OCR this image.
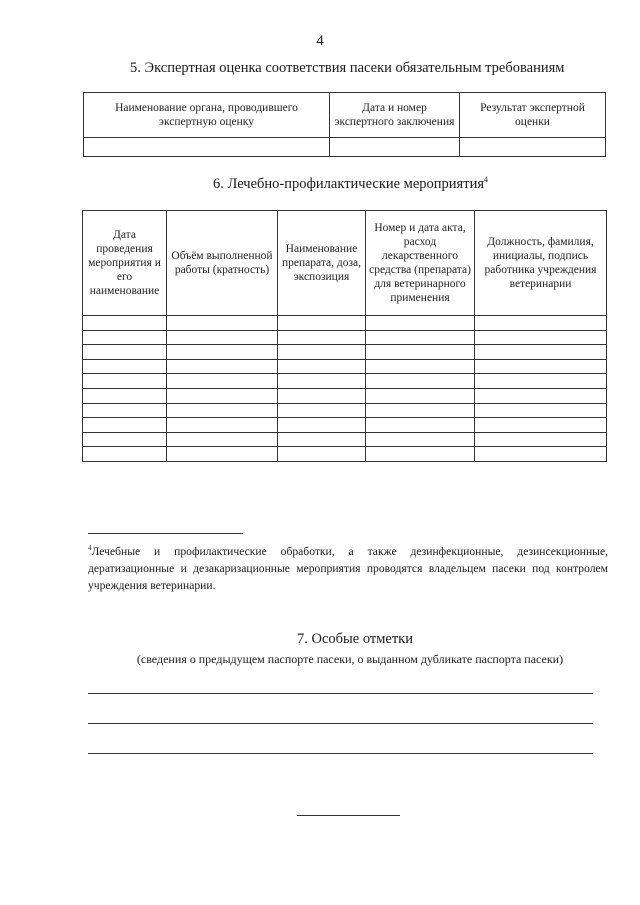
4
5. Экспертная оценка соответствия пасеки обязательным требованиям
Наименование органа, проводившего экспертную оценку	Дата и номер экспертного заключения	Результат экспертной оценки

6. Лечебно-профилактические мероприятия$^4$
Дата проведения мероприятия и его наименование	Объём выполненной работы (кратность)	Наименование препарата, доза, экспозиция	Номер и дата акта, расход лекарственного средства (препарата) для ветеринарного применения	Должность, фамилия, инициалы, подпись работника учреждения ветеринарии

$^4$Лечебные и профилактические обработки, а также дезинфекционные, дезинсекционные, дератизационные и дезакаризационные мероприятия проводятся владельцем пасеки под контролем учреждения ветеринарии.
7. Особые отметки
(сведения о предыдущем паспорте пасеки, о выданном дубликате паспорта пасеки)
